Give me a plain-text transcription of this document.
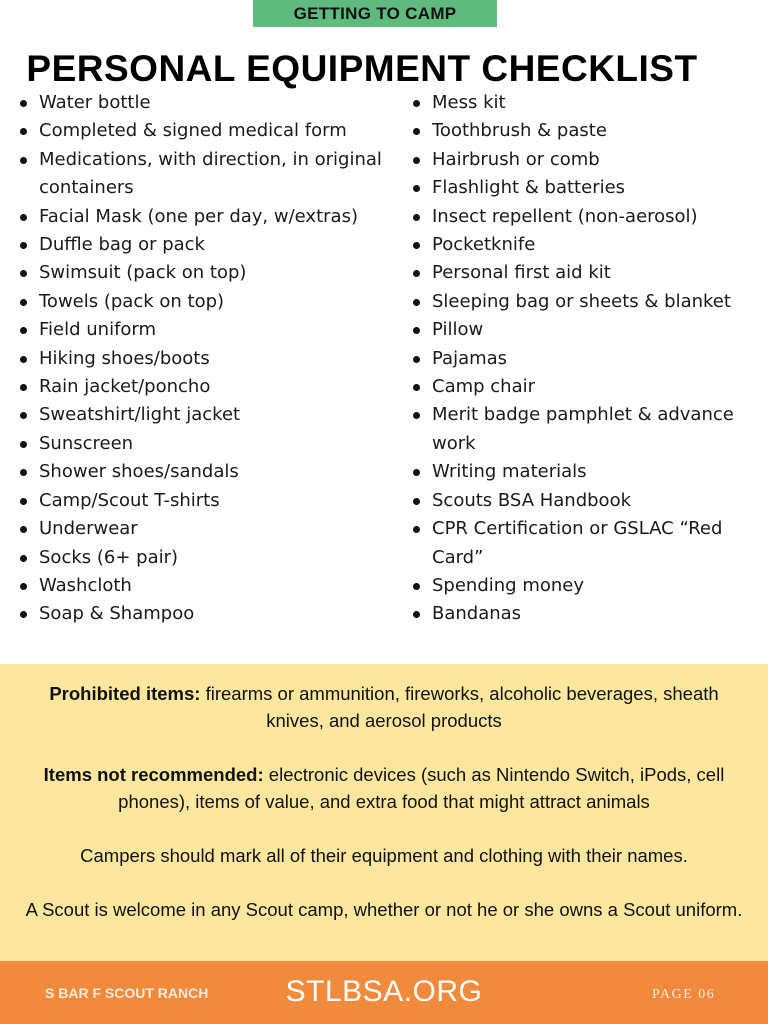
GETTING TO CAMP
PERSONAL EQUIPMENT CHECKLIST
Water bottle
Completed & signed medical form
Medications, with direction, in original containers
Facial Mask (one per day, w/extras)
Duffle bag or pack
Swimsuit (pack on top)
Towels (pack on top)
Field uniform
Hiking shoes/boots
Rain jacket/poncho
Sweatshirt/light jacket
Sunscreen
Shower shoes/sandals
Camp/Scout T-shirts
Underwear
Socks (6+ pair)
Washcloth
Soap & Shampoo
Mess kit
Toothbrush & paste
Hairbrush or comb
Flashlight & batteries
Insect repellent (non-aerosol)
Pocketknife
Personal first aid kit
Sleeping bag or sheets & blanket
Pillow
Pajamas
Camp chair
Merit badge pamphlet & advance work
Writing materials
Scouts BSA Handbook
CPR Certification or GSLAC “Red Card”
Spending money
Bandanas

Prohibited items: firearms or ammunition, fireworks, alcoholic beverages, sheath knives, and aerosol products

Items not recommended: electronic devices (such as Nintendo Switch, iPods, cell phones), items of value, and extra food that might attract animals

Campers should mark all of their equipment and clothing with their names.

A Scout is welcome in any Scout camp, whether or not he or she owns a Scout uniform.

S BAR F SCOUT RANCH	STLBSA.ORG	PAGE 06
